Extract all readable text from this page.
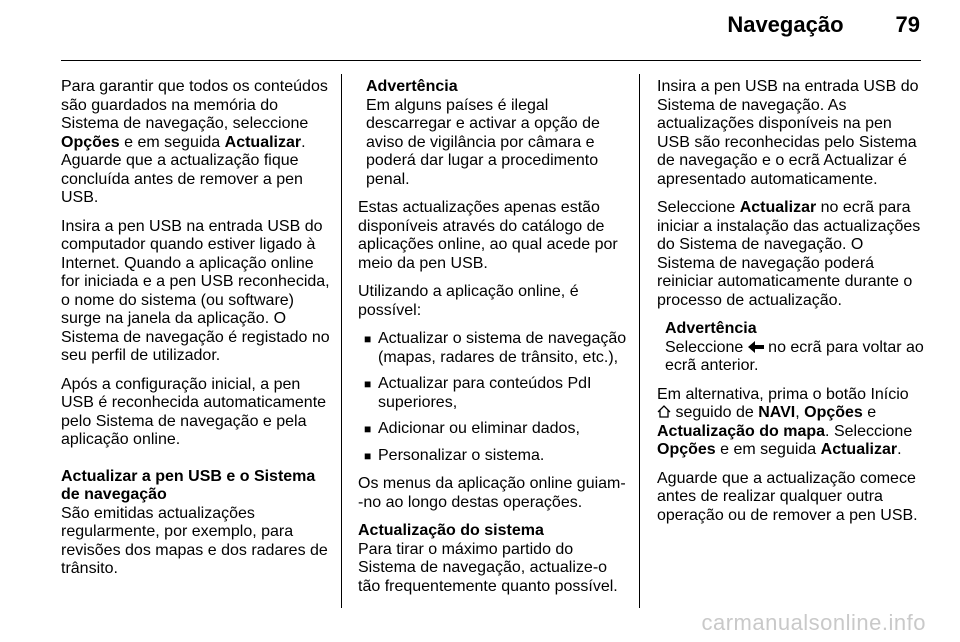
Navegação 79

Para garantir que todos os conteúdos são guardados na memória do Sistema de navegação, seleccione Opções e em seguida Actualizar. Aguarde que a actualização fique concluída antes de remover a pen USB.

Insira a pen USB na entrada USB do computador quando estiver ligado à Internet. Quando a aplicação online for iniciada e a pen USB reconhecida, o nome do sistema (ou software) surge na janela da aplicação. O Sistema de navegação é registado no seu perfil de utilizador.

Após a configuração inicial, a pen USB é reconhecida automaticamente pelo Sistema de navegação e pela aplicação online.

Actualizar a pen USB e o Sistema de navegação

São emitidas actualizações regularmente, por exemplo, para revisões dos mapas e dos radares de trânsito.

Advertência
Em alguns países é ilegal descarregar e activar a opção de aviso de vigilância por câmara e poderá dar lugar a procedimento penal.

Estas actualizações apenas estão disponíveis através do catálogo de aplicações online, ao qual acede por meio da pen USB.

Utilizando a aplicação online, é possível:

■ Actualizar o sistema de navegação (mapas, radares de trânsito, etc.),
■ Actualizar para conteúdos PdI superiores,
■ Adicionar ou eliminar dados,
■ Personalizar o sistema.

Os menus da aplicação online guiam--no ao longo destas operações.

Actualização do sistema

Para tirar o máximo partido do Sistema de navegação, actualize-o tão frequentemente quanto possível.

Insira a pen USB na entrada USB do Sistema de navegação. As actualizações disponíveis na pen USB são reconhecidas pelo Sistema de navegação e o ecrã Actualizar é apresentado automaticamente.

Seleccione Actualizar no ecrã para iniciar a instalação das actualizações do Sistema de navegação. O Sistema de navegação poderá reiniciar automaticamente durante o processo de actualização.

Advertência
Seleccione  no ecrã para voltar ao ecrã anterior.

Em alternativa, prima o botão Início  seguido de NAVI, Opções e Actualização do mapa. Seleccione Opções e em seguida Actualizar.

Aguarde que a actualização comece antes de realizar qualquer outra operação ou de remover a pen USB.

carmanualsonline.info
